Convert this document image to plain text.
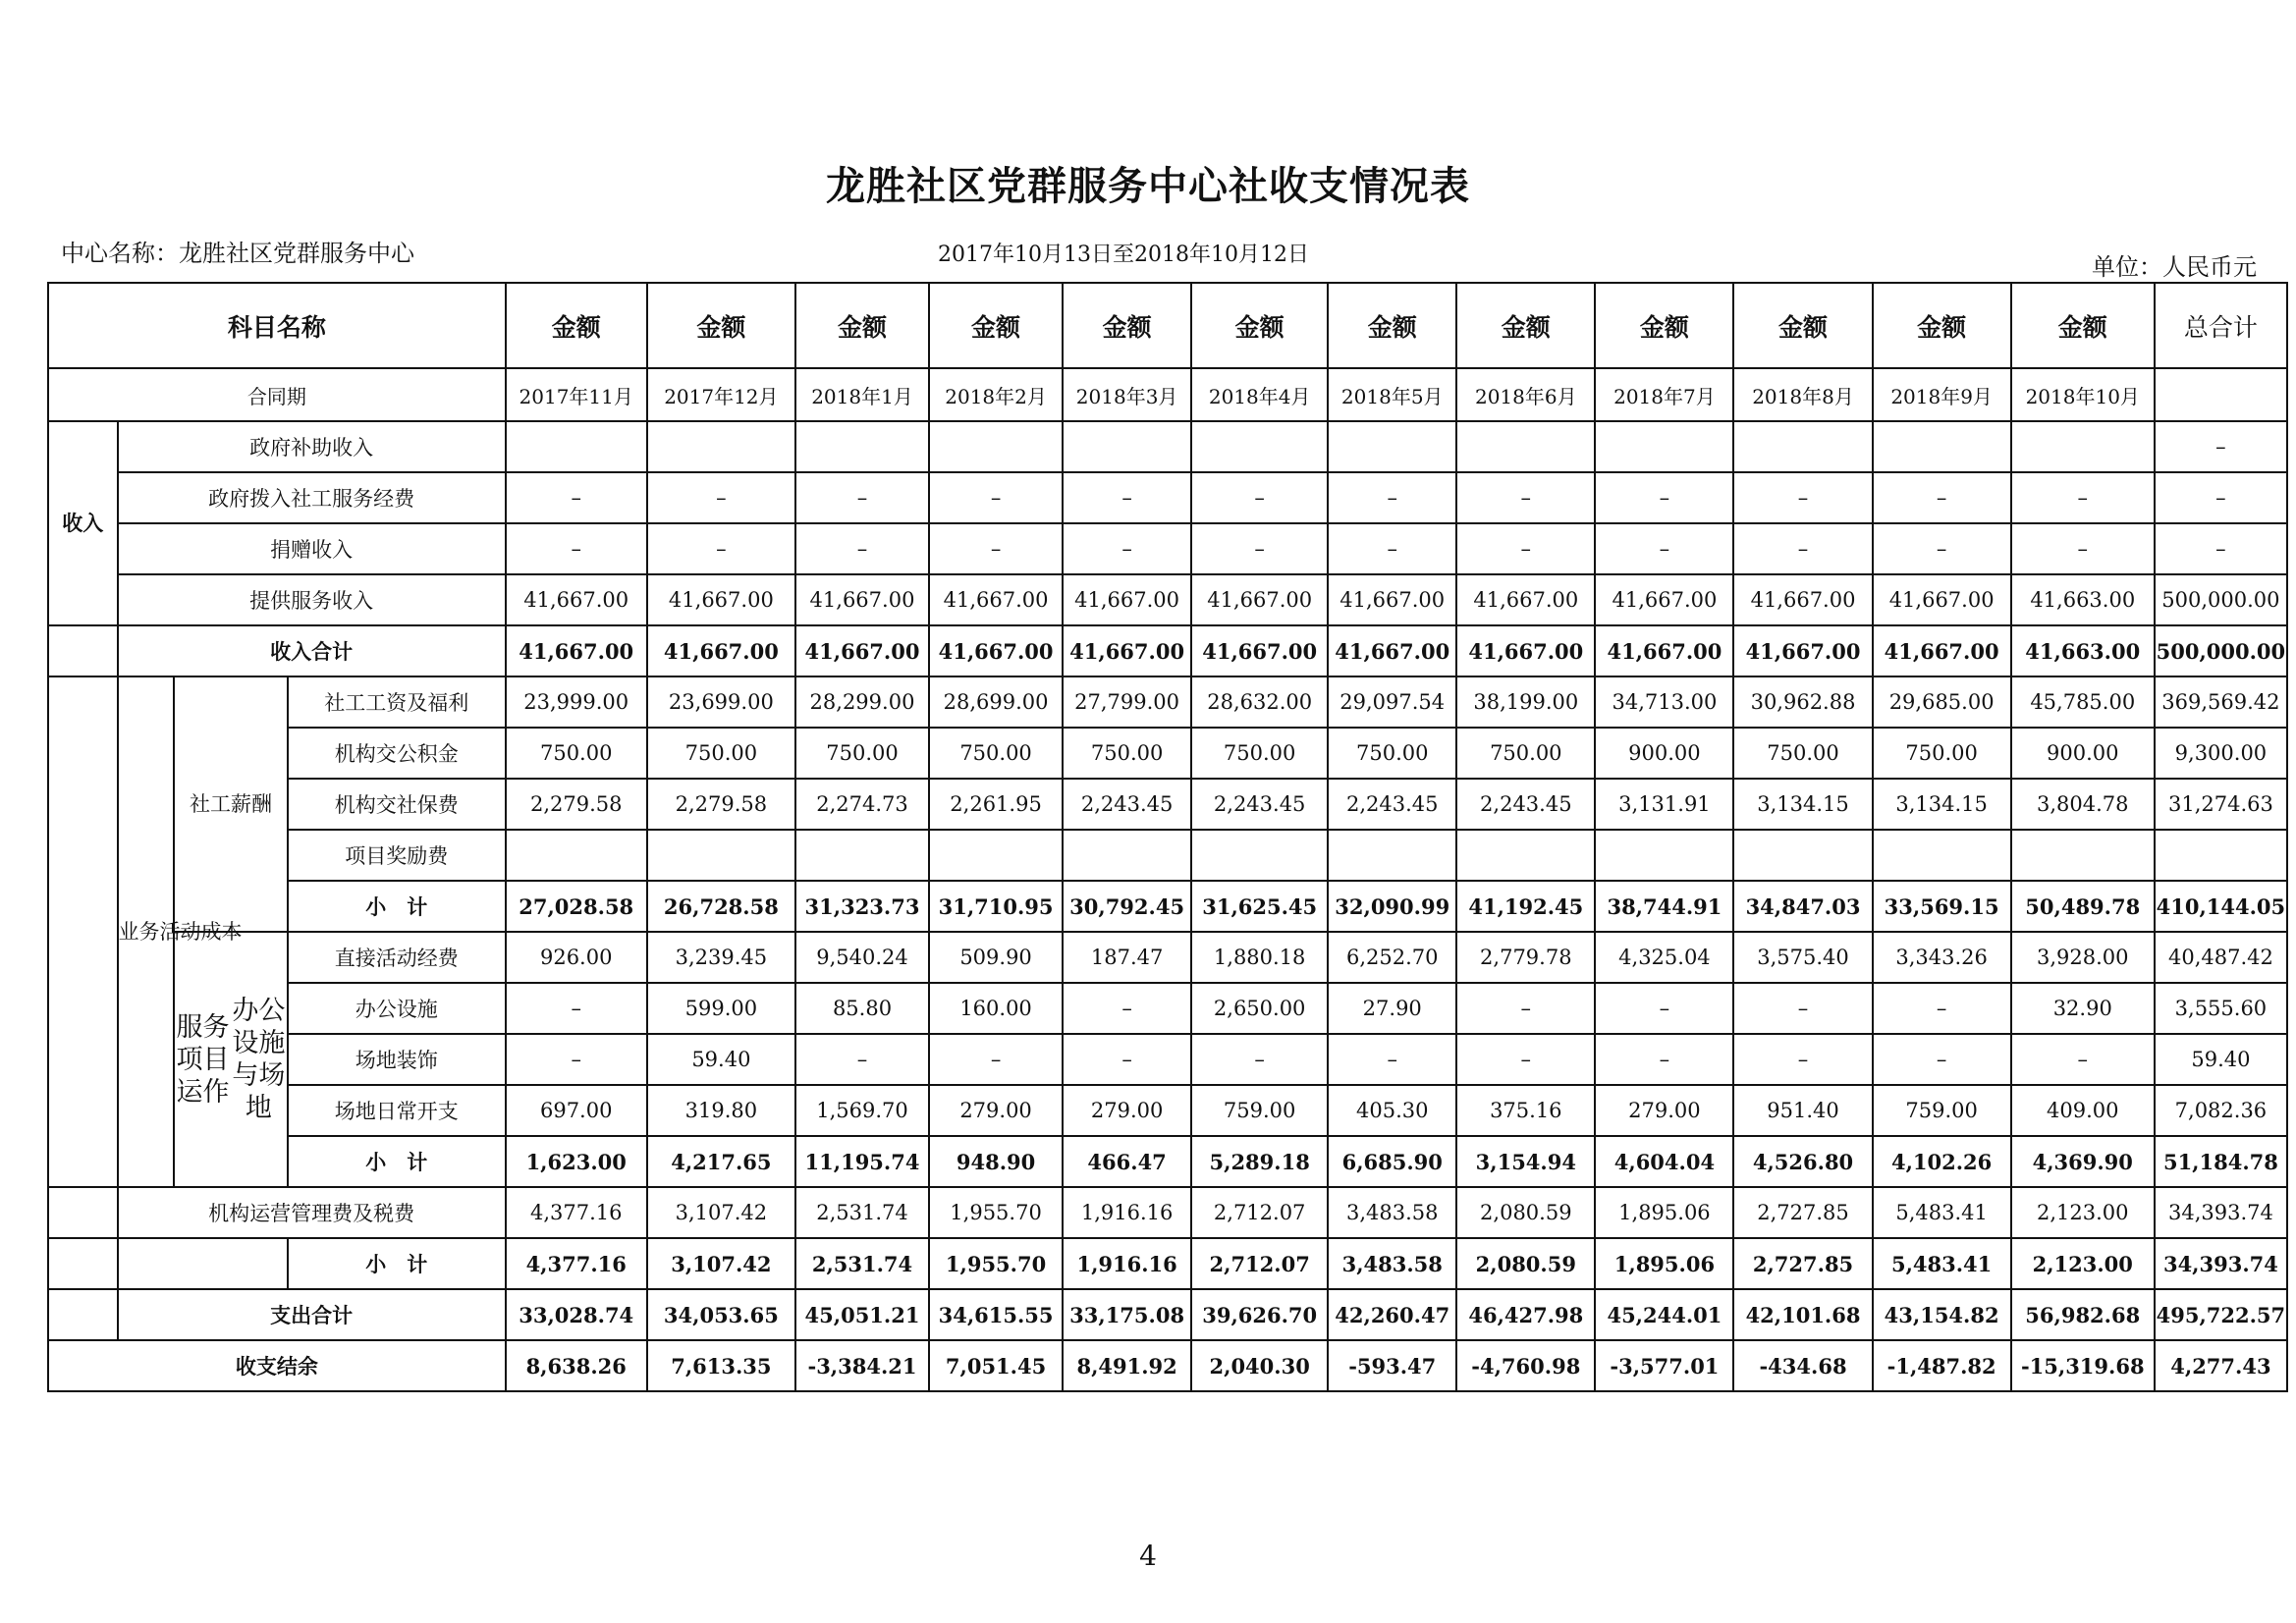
龙胜社区党群服务中心社收支情况表
中心名称：龙胜社区党群服务中心	2017年10月13日至2018年10月12日	单位：人民币元
科目名称				金额	金额	金额	金额	金额	金额	金额	金额	金额	金额	金额	金额	总合计
合同期				2017年11月	2017年12月	2018年1月	2018年2月	2018年3月	2018年4月	2018年5月	2018年6月	2018年7月	2018年8月	2018年9月	2018年10月	
收入	政府补助收入															–
	政府拨入社工服务经费			–	–	–	–	–	–	–	–	–	–	–	–	–
	捐赠收入			–	–	–	–	–	–	–	–	–	–	–	–	–
	提供服务收入			41,667.00	41,667.00	41,667.00	41,667.00	41,667.00	41,667.00	41,667.00	41,667.00	41,667.00	41,667.00	41,667.00	41,663.00	500,000.00
	收入合计			41,667.00	41,667.00	41,667.00	41,667.00	41,667.00	41,667.00	41,667.00	41,667.00	41,667.00	41,667.00	41,667.00	41,663.00	500,000.00
	业务活动成本	社工薪酬	社工工资及福利	23,999.00	23,699.00	28,299.00	28,699.00	27,799.00	28,632.00	29,097.54	38,199.00	34,713.00	30,962.88	29,685.00	45,785.00	369,569.42
			机构交公积金	750.00	750.00	750.00	750.00	750.00	750.00	750.00	750.00	900.00	750.00	750.00	900.00	9,300.00
			机构交社保费	2,279.58	2,279.58	2,274.73	2,261.95	2,243.45	2,243.45	2,243.45	2,243.45	3,131.91	3,134.15	3,134.15	3,804.78	31,274.63
			项目奖励费													
			小　计	27,028.58	26,728.58	31,323.73	31,710.95	30,792.45	31,625.45	32,090.99	41,192.45	38,744.91	34,847.03	33,569.15	50,489.78	410,144.05

服务项目运作
办公设施与场地	直接活动经费	926.00	3,239.45	9,540.24	509.90	187.47	1,880.18	6,252.70	2,779.78	4,325.04	3,575.40	3,343.26	3,928.00	40,487.42
			办公设施	–	599.00	85.80	160.00	–	2,650.00	27.90	–	–	–	–	32.90	3,555.60
			场地装饰	–	59.40	–	–	–	–	–	–	–	–	–	–	59.40
			场地日常开支	697.00	319.80	1,569.70	279.00	279.00	759.00	405.30	375.16	279.00	951.40	759.00	409.00	7,082.36
			小　计	1,623.00	4,217.65	11,195.74	948.90	466.47	5,289.18	6,685.90	3,154.94	4,604.04	4,526.80	4,102.26	4,369.90	51,184.78
	机构运营管理费及税费			4,377.16	3,107.42	2,531.74	1,955.70	1,916.16	2,712.07	3,483.58	2,080.59	1,895.06	2,727.85	5,483.41	2,123.00	34,393.74
			小　计	4,377.16	3,107.42	2,531.74	1,955.70	1,916.16	2,712.07	3,483.58	2,080.59	1,895.06	2,727.85	5,483.41	2,123.00	34,393.74
	支出合计			33,028.74	34,053.65	45,051.21	34,615.55	33,175.08	39,626.70	42,260.47	46,427.98	45,244.01	42,101.68	43,154.82	56,982.68	495,722.57
收支结余				8,638.26	7,613.35	-3,384.21	7,051.45	8,491.92	2,040.30	-593.47	-4,760.98	-3,577.01	-434.68	-1,487.82	-15,319.68	4,277.43
4
